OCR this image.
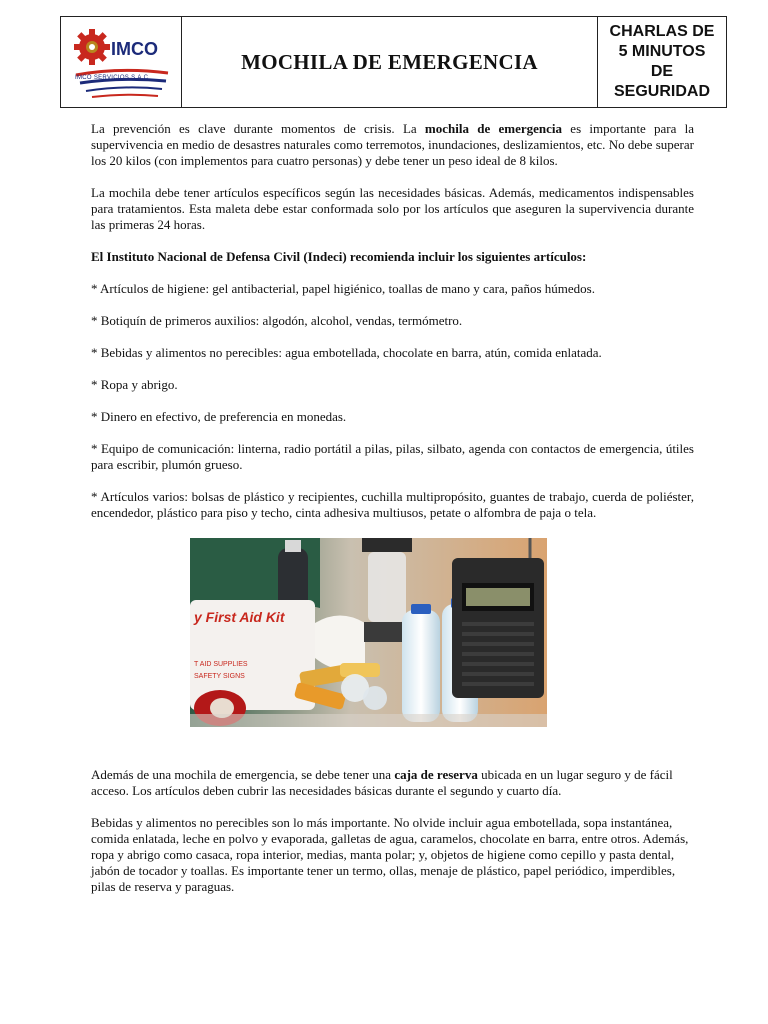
IMCO
IMCO SERVICIOS S.A.C
MOCHILA DE EMERGENCIA
CHARLAS DE
5 MINUTOS
DE
SEGURIDAD

La prevención es clave durante momentos de crisis. La mochila de emergencia es importante para la supervivencia en medio de desastres naturales como terremotos, inundaciones, deslizamientos, etc. No debe superar los 20 kilos (con implementos para cuatro personas) y debe tener un peso ideal de 8 kilos.

La mochila debe tener artículos específicos según las necesidades básicas. Además, medicamentos indispensables para tratamientos. Esta maleta debe estar conformada solo por los artículos que aseguren la supervivencia durante las primeras 24 horas.

El Instituto Nacional de Defensa Civil (Indeci) recomienda incluir los siguientes artículos:

* Artículos de higiene: gel antibacterial, papel higiénico, toallas de mano y cara, paños húmedos.

* Botiquín de primeros auxilios: algodón, alcohol, vendas, termómetro.

* Bebidas y alimentos no perecibles: agua embotellada, chocolate en barra, atún, comida enlatada.

* Ropa y abrigo.

* Dinero en efectivo, de preferencia en monedas.

* Equipo de comunicación: linterna, radio portátil a pilas, pilas, silbato, agenda con contactos de emergencia, útiles para escribir, plumón grueso.

* Artículos varios: bolsas de plástico y recipientes, cuchilla multipropósito, guantes de trabajo, cuerda de poliéster, encendedor, plástico para piso y techo, cinta adhesiva multiusos, petate o alfombra de paja o tela.

y First Aid Kit
T AID SUPPLIES
SAFETY SIGNS

Además de una mochila de emergencia, se debe tener una caja de reserva ubicada en un lugar seguro y de fácil acceso. Los artículos deben cubrir las necesidades básicas durante el segundo y cuarto día.

Bebidas y alimentos no perecibles son lo más importante. No olvide incluir agua embotellada, sopa instantánea, comida enlatada, leche en polvo y evaporada, galletas de agua, caramelos, chocolate en barra, entre otros. Además, ropa y abrigo como casaca, ropa interior, medias, manta polar; y, objetos de higiene como cepillo y pasta dental, jabón de tocador y toallas. Es importante tener un termo, ollas, menaje de plástico, papel periódico, imperdibles, pilas de reserva y paraguas.
